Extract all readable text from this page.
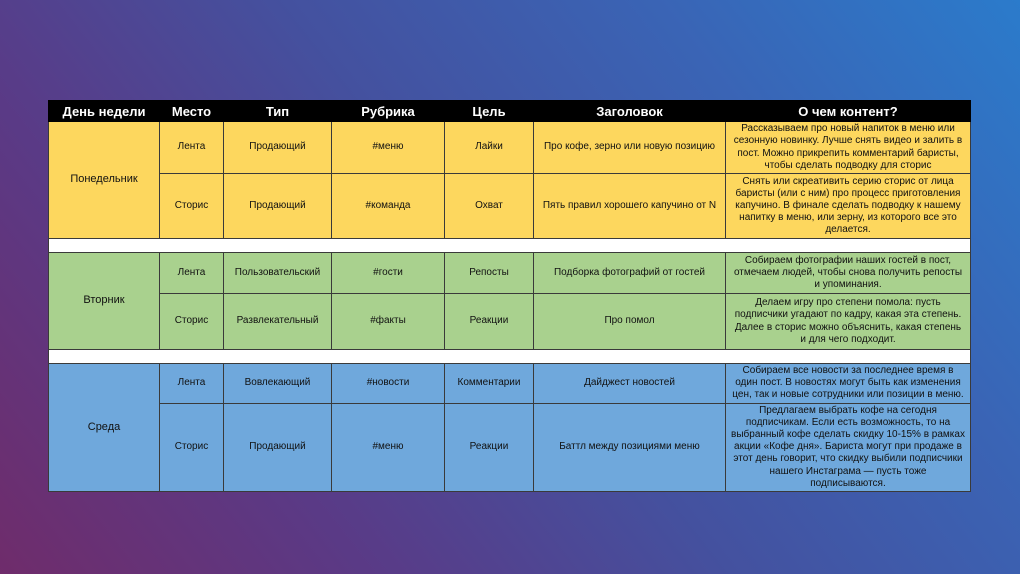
День недели	Место	Тип	Рубрика	Цель	Заголовок	О чем контент?
Понедельник	Лента	Продающий	#меню	Лайки	Про кофе, зерно или новую позицию	Рассказываем про новый напиток в меню или сезонную новинку. Лучше снять видео и залить в пост. Можно прикрепить комментарий баристы, чтобы сделать подводку для сторис
	Сторис	Продающий	#команда	Охват	Пять правил хорошего капучино от N	Снять или скреативить серию сторис от лица баристы (или с ним) про процесс приготовления капучино. В финале сделать подводку к нашему напитку в меню, или зерну, из которого все это делается.

Вторник	Лента	Пользовательский	#гости	Репосты	Подборка фотографий от гостей	Собираем фотографии наших гостей в пост, отмечаем людей, чтобы снова получить репосты и упоминания.
	Сторис	Развлекательный	#факты	Реакции	Про помол	Делаем игру про степени помола: пусть подписчики угадают по кадру, какая эта степень. Далее в сторис можно объяснить, какая степень и для чего подходит.

Среда	Лента	Вовлекающий	#новости	Комментарии	Дайджест новостей	Собираем все новости за последнее время в один пост. В новостях могут быть как изменения цен, так и новые сотрудники или позиции в меню.
	Сторис	Продающий	#меню	Реакции	Баттл между позициями меню	Предлагаем выбрать кофе на сегодня подписчикам. Если есть возможность, то на выбранный кофе сделать скидку 10-15% в рамках акции «Кофе дня». Бариста могут при продаже в этот день говорит, что скидку выбили подписчики нашего Инстаграма — пусть тоже подписываются.
